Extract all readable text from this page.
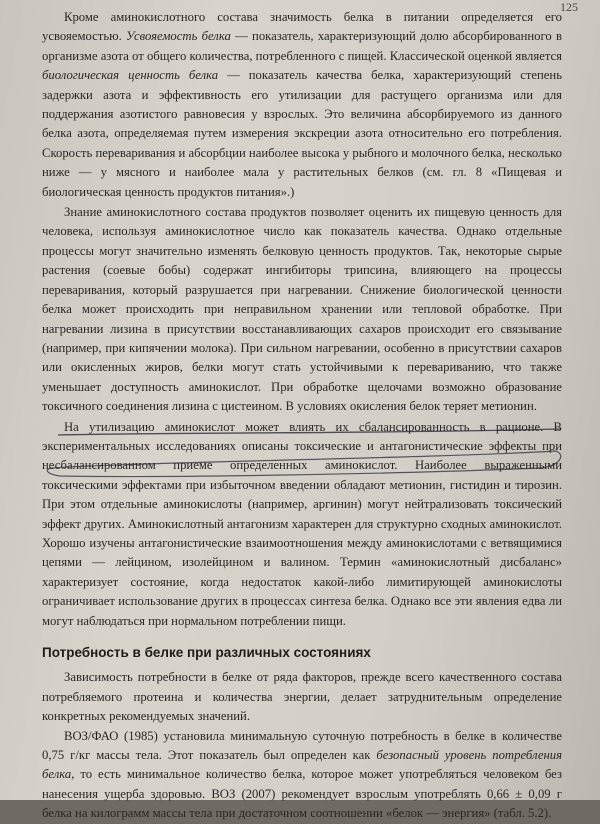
125

Кроме аминокислотного состава значимость белка в питании определяется его усвояемостью. Усвояемость белка — показатель, характеризующий долю абсорбированного в организме азота от общего количества, потребленного с пищей. Классической оценкой является биологическая ценность белка — показатель качества белка, характеризующий степень задержки азота и эффективность его утилизации для растущего организма или для поддержания азотистого равновесия у взрослых. Это величина абсорбируемого из данного белка азота, определяемая путем измерения экскреции азота относительно его потребления. Скорость переваривания и абсорбции наиболее высока у рыбного и молочного белка, несколько ниже — у мясного и наиболее мала у растительных белков (см. гл. 8 «Пищевая и биологическая ценность продуктов питания».)

Знание аминокислотного состава продуктов позволяет оценить их пищевую ценность для человека, используя аминокислотное число как показатель качества. Однако отдельные процессы могут значительно изменять белковую ценность продуктов. Так, некоторые сырые растения (соевые бобы) содержат ингибиторы трипсина, влияющего на процессы переваривания, который разрушается при нагревании. Снижение биологической ценности белка может происходить при неправильном хранении или тепловой обработке. При нагревании лизина в присутствии восстанавливающих сахаров происходит его связывание (например, при кипячении молока). При сильном нагревании, особенно в присутствии сахаров или окисленных жиров, белки могут стать устойчивыми к перевариванию, что также уменьшает доступность аминокислот. При обработке щелочами возможно образование токсичного соединения лизина с цистеином. В условиях окисления белок теряет метионин.

На утилизацию аминокислот может влиять их сбалансированность в рационе. В экспериментальных исследованиях описаны токсические и антагонистические эффекты при несбалансированном приеме определенных аминокислот. Наиболее выраженными токсическими эффектами при избыточном введении обладают метионин, гистидин и тирозин. При этом отдельные аминокислоты (например, аргинин) могут нейтрализовать токсический эффект других. Аминокислотный антагонизм характерен для структурно сходных аминокислот. Хорошо изучены антагонистические взаимоотношения между аминокислотами с ветвящимися цепями — лейцином, изолейцином и валином. Термин «аминокислотный дисбаланс» характеризует состояние, когда недостаток какой-либо лимитирующей аминокислоты ограничивает использование других в процессах синтеза белка. Однако все эти явления едва ли могут наблюдаться при нормальном потреблении пищи.

Потребность в белке при различных состояниях

Зависимость потребности в белке от ряда факторов, прежде всего качественного состава потребляемого протеина и количества энергии, делает затруднительным определение конкретных рекомендуемых значений.

ВОЗ/ФАО (1985) установила минимальную суточную потребность в белке в количестве 0,75 г/кг массы тела. Этот показатель был определен как безопасный уровень потребления белка, то есть минимальное количество белка, которое может употребляться человеком без нанесения ущерба здоровью. ВОЗ (2007) рекомендует взрослым употреблять 0,66 ± 0,09 г белка на килограмм массы тела при достаточном соотношении «белок — энергия» (табл. 5.2).
